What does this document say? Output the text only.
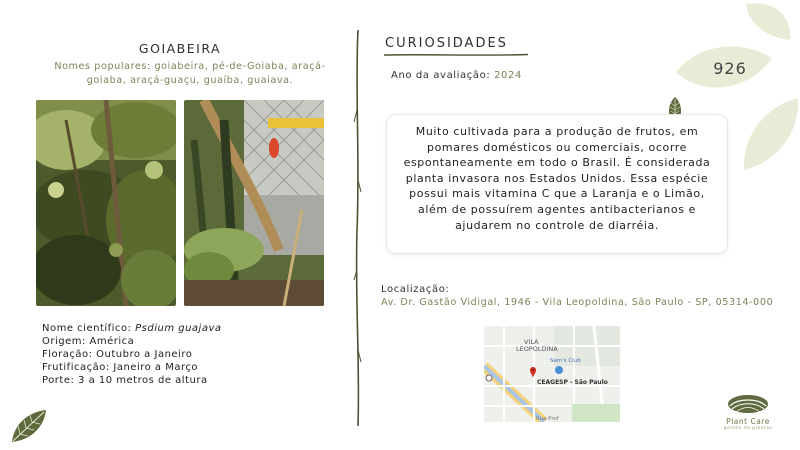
926
GOIABEIRA
Nomes populares: goiabeira, pé-de-Goiaba, araçá-goiaba, araçá-guaçu, guaíba, guaiava.
Nome científico: Psdium guajava
Origem: América
Floração: Outubro a Janeiro
Frutificação: Janeiro a Março
Porte: 3 a 10 metros de altura
CURIOSIDADES
Ano da avaliação: 2024
Muito cultivada para a produção de frutos, em pomares domésticos ou comerciais, ocorre espontaneamente em todo o Brasil. É considerada planta invasora nos Estados Unidos. Essa espécie possui mais vitamina C que a Laranja e o Limão, além de possuírem agentes antibacterianos e ajudarem no controle de diarréia.
Localização:
Av. Dr. Gastão Vidigal, 1946 - Vila Leopoldina, São Paulo - SP, 05314-000
VILA
LEOPOLDINA
Sam's Club
CEAGESP - São Paulo
Rua Prof	Plant Care
gestão de plantas
